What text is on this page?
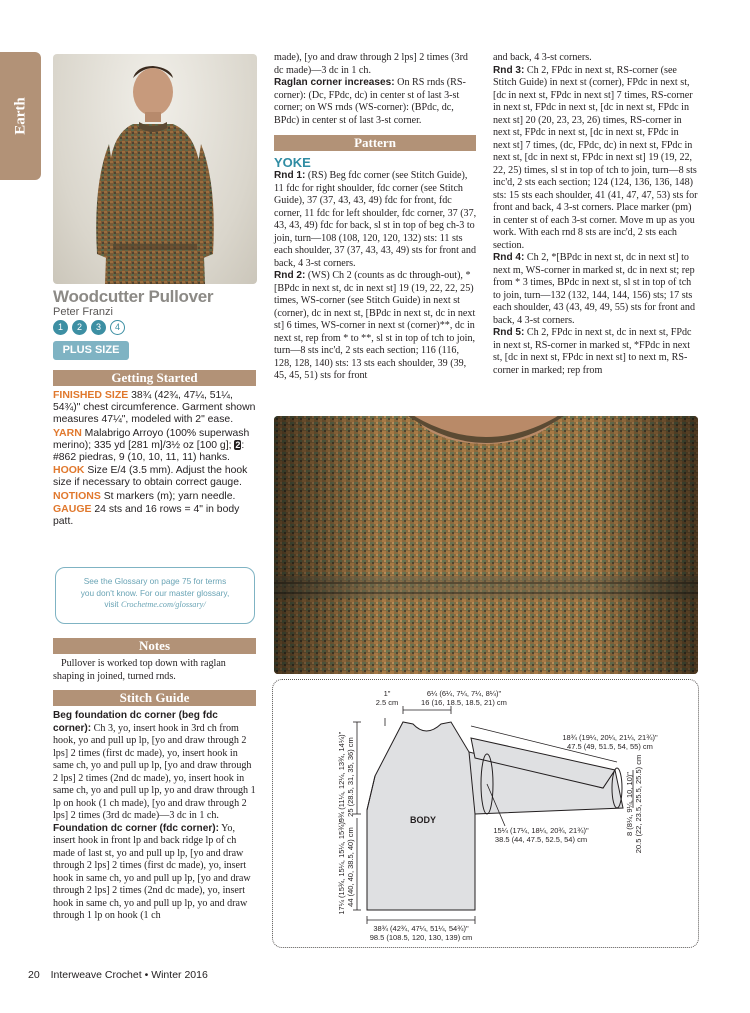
Earth
Woodcutter Pullover
Peter Franzi
1	2	3	4
PLUS SIZE
Getting Started

FINISHED SIZE 38¾ (42¾, 47¼, 51¼, 54¾)" chest circumference. Garment shown measures 47¼", modeled with 2" ease.

YARN Malabrigo Arroyo (100% superwash merino); 335 yd [281 m]/3½ oz [100 g]; 2: #862 piedras, 9 (10, 10, 11, 11) hanks.

HOOK Size E/4 (3.5 mm). Adjust the hook size if necessary to obtain correct gauge.

NOTIONS St markers (m); yarn needle.

GAUGE 24 sts and 16 rows = 4" in body patt.

See the Glossary on page 75 for terms
you don't know. For our master glossary,
visit Crochetme.com/glossary/
Notes
Pullover is worked top down with raglan shaping in joined, turned rnds.
Stitch Guide

Beg foundation dc corner (beg fdc corner): Ch 3, yo, insert hook in 3rd ch from hook, yo and pull up lp, [yo and draw through 2 lps] 2 times (first dc made), yo, insert hook in same ch, yo and pull up lp, [yo and draw through 2 lps] 2 times (2nd dc made), yo, insert hook in same ch, yo and pull up lp, yo and draw through 1 lp on hook (1 ch made), [yo and draw through 2 lps] 2 times (3rd dc made)—3 dc in 1 ch.

Foundation dc corner (fdc corner): Yo, insert hook in front lp and back ridge lp of ch made of last st, yo and pull up lp, [yo and draw through 2 lps] 2 times (first dc made), yo, insert hook in same ch, yo and pull up lp, [yo and draw through 2 lps] 2 times (2nd dc made), yo, insert hook in same ch, yo and pull up lp, yo and draw through 1 lp on hook (1 ch

made), [yo and draw through 2 lps] 2 times (3rd dc made)—3 dc in 1 ch.

Raglan corner increases: On RS rnds (RS-corner): (Dc, FPdc, dc) in center st of last 3-st corner; on WS rnds (WS-corner): (BPdc, dc, BPdc) in center st of last 3-st corner.

Pattern

YOKE

Rnd 1: (RS) Beg fdc corner (see Stitch Guide), 11 fdc for right shoulder, fdc corner (see Stitch Guide), 37 (37, 43, 43, 49) fdc for front, fdc corner, 11 fdc for left shoulder, fdc corner, 37 (37, 43, 43, 49) fdc for back, sl st in top of beg ch-3 to join, turn—108 (108, 120, 120, 132) sts: 11 sts each shoulder, 37 (37, 43, 43, 49) sts for front and back, 4 3-st corners.

Rnd 2: (WS) Ch 2 (counts as dc through-out), *[BPdc in next st, dc in next st] 19 (19, 22, 22, 25) times, WS-corner (see Stitch Guide) in next st (corner), dc in next st, [BPdc in next st, dc in next st] 6 times, WS-corner in next st (corner)**, dc in next st, rep from * to **, sl st in top of tch to join, turn—8 sts inc'd, 2 sts each section; 116 (116, 128, 128, 140) sts: 13 sts each shoulder, 39 (39, 45, 45, 51) sts for front

and back, 4 3-st corners.

Rnd 3: Ch 2, FPdc in next st, RS-corner (see Stitch Guide) in next st (corner), FPdc in next st, [dc in next st, FPdc in next st] 7 times, RS-corner in next st, FPdc in next st, [dc in next st, FPdc in next st] 20 (20, 23, 23, 26) times, RS-corner in next st, FPdc in next st, [dc in next st, FPdc in next st] 7 times, (dc, FPdc, dc) in next st, FPdc in next st, [dc in next st, FPdc in next st] 19 (19, 22, 22, 25) times, sl st in top of tch to join, turn—8 sts inc'd, 2 sts each section; 124 (124, 136, 136, 148) sts: 15 sts each shoulder, 41 (41, 47, 47, 53) sts for front and back, 4 3-st corners. Place marker (pm) in center st of each 3-st corner. Move m up as you work. With each rnd 8 sts are inc'd, 2 sts each section.

Rnd 4: Ch 2, *[BPdc in next st, dc in next st] to next m, WS-corner in marked st, dc in next st; rep from * 3 times, BPdc in next st, sl st in top of tch to join, turn—132 (132, 144, 144, 156) sts; 17 sts each shoulder, 43 (43, 49, 49, 55) sts for front and back, 4 3-st corners.

Rnd 5: Ch 2, FPdc in next st, dc in next st, FPdc in next st, RS-corner in marked st, *FPdc in next st, [dc in next st, FPdc in next st] to next m, RS-corner in marked; rep from

1"
2.5 cm
6¼ (6¼, 7¼, 7¼, 8¼)"
16 (16, 18.5, 18.5, 21) cm
18¾ (19¼, 20¼, 21¼, 21¾)"
47.5 (49, 51.5, 54, 55) cm
9¾ (11¼, 12¼, 13¾, 14¼)" 25 (28.5, 31, 35, 36) cm
17¼ (15¾, 15¼, 15¼, 15¾)" 44 (40, 40, 38.5, 40) cm
BODY
15¼ (17¼, 18¼, 20¾, 21¾)"
38.5 (44, 47.5, 52.5, 54) cm
8 (8¼, 9¼, 10, 10)" 20.5 (22, 23.5, 25.5, 25.5) cm
38¾ (42¾, 47¼, 51¼, 54¾)"
98.5 (108.5, 120, 130, 139) cm
20 Interweave Crochet • Winter 2016
